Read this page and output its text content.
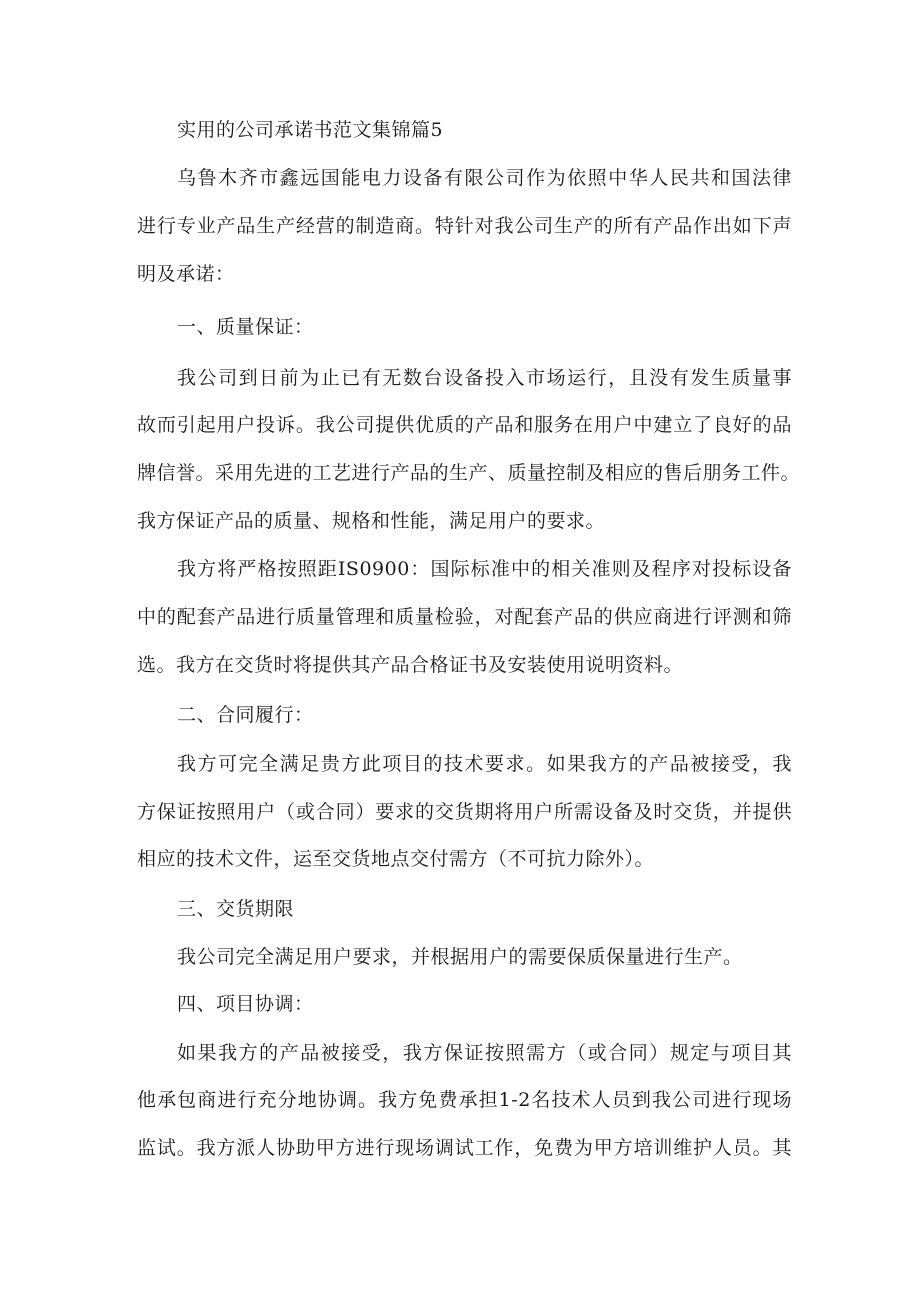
实用的公司承诺书范文集锦篇5
乌鲁木齐市鑫远国能电力设备有限公司作为依照中华人民共和国法律
进行专业产品生产经营的制造商。特针对我公司生产的所有产品作出如下声
明及承诺：
一、质量保证：
我公司到日前为止已有无数台设备投入市场运行，且没有发生质量事
故而引起用户投诉。我公司提供优质的产品和服务在用户中建立了良好的品
牌信誉。采用先进的工艺进行产品的生产、质量控制及相应的售后朋务工件。
我方保证产品的质量、规格和性能，满足用户的要求。
我方将严格按照距IS0900：国际标准中的相关准则及程序对投标设备
中的配套产品进行质量管理和质量检验，对配套产品的供应商进行评测和筛
选。我方在交货时将提供其产品合格证书及安装使用说明资料。
二、合同履行：
我方可完全满足贵方此项目的技术要求。如果我方的产品被接受，我
方保证按照用户（或合同）要求的交货期将用户所需设备及时交货，并提供
相应的技术文件，运至交货地点交付需方（不可抗力除外）。
三、交货期限
我公司完全满足用户要求，并根据用户的需要保质保量进行生产。
四、项目协调：
如果我方的产品被接受，我方保证按照需方（或合同）规定与项目其
他承包商进行充分地协调。我方免费承担1-2名技术人员到我公司进行现场
监试。我方派人协助甲方进行现场调试工作，免费为甲方培训维护人员。其
